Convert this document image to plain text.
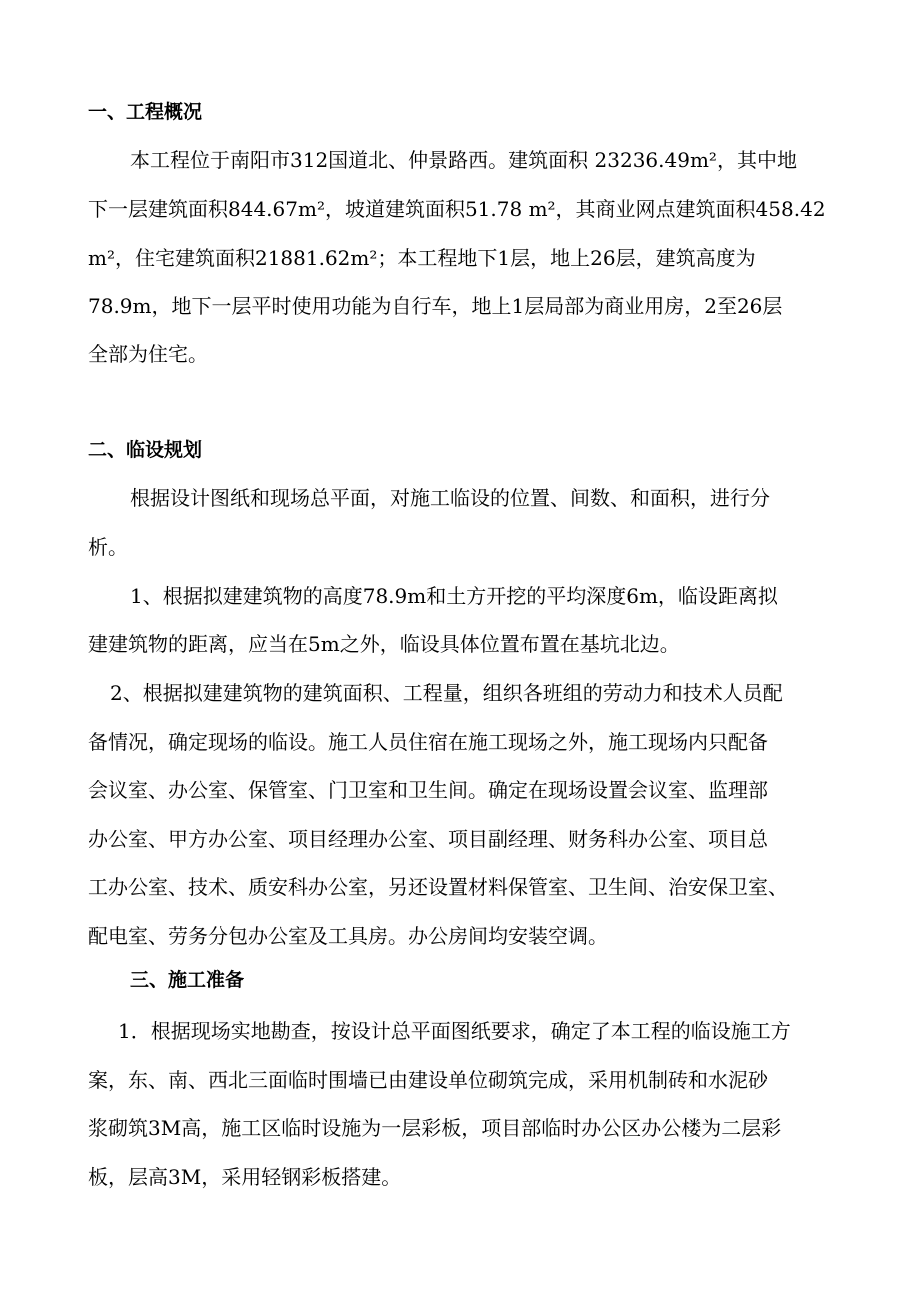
一、工程概况
本工程位于南阳市312国道北、仲景路西。建筑面积 23236.49m²，其中地
下一层建筑面积844.67m²，坡道建筑面积51.78 m²，其商业网点建筑面积458.42
m²，住宅建筑面积21881.62m²；本工程地下1层，地上26层，建筑高度为
78.9m，地下一层平时使用功能为自行车，地上1层局部为商业用房，2至26层
全部为住宅。
二、临设规划
根据设计图纸和现场总平面，对施工临设的位置、间数、和面积，进行分
析。
1、根据拟建建筑物的高度78.9m和土方开挖的平均深度6m，临设距离拟
建建筑物的距离，应当在5m之外，临设具体位置布置在基坑北边。
2、根据拟建建筑物的建筑面积、工程量，组织各班组的劳动力和技术人员配
备情况，确定现场的临设。施工人员住宿在施工现场之外，施工现场内只配备
会议室、办公室、保管室、门卫室和卫生间。确定在现场设置会议室、监理部
办公室、甲方办公室、项目经理办公室、项目副经理、财务科办公室、项目总
工办公室、技术、质安科办公室，另还设置材料保管室、卫生间、治安保卫室、
配电室、劳务分包办公室及工具房。办公房间均安装空调。
三、施工准备
1．根据现场实地勘查，按设计总平面图纸要求，确定了本工程的临设施工方
案，东、南、西北三面临时围墙已由建设单位砌筑完成，采用机制砖和水泥砂
浆砌筑3M高，施工区临时设施为一层彩板，项目部临时办公区办公楼为二层彩
板，层高3M，采用轻钢彩板搭建。
